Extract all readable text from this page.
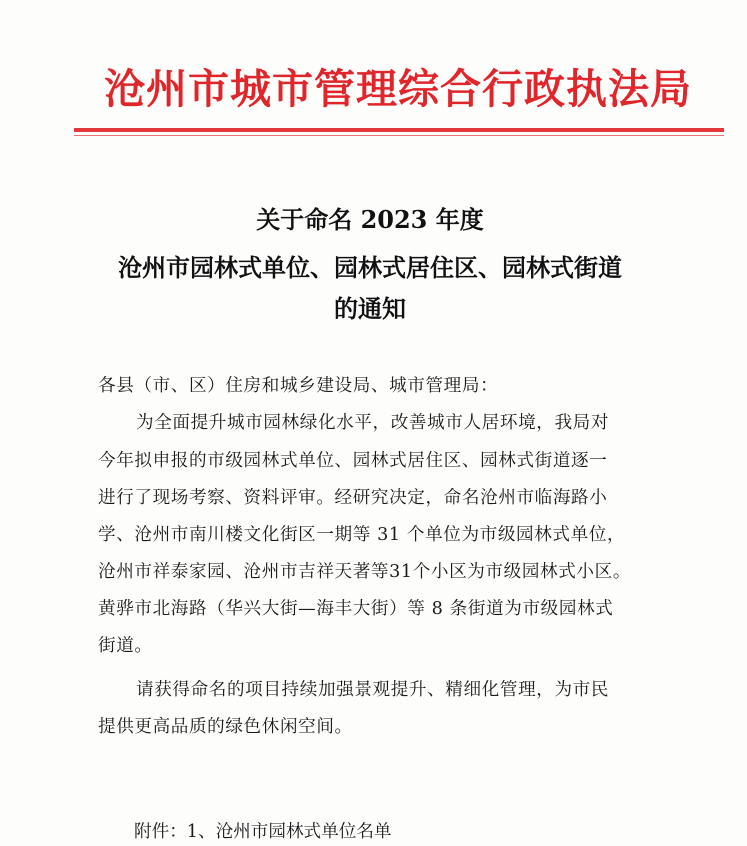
沧州市城市管理综合行政执法局
关于命名 2023 年度
沧州市园林式单位、园林式居住区、园林式街道
的通知
各县（市、区）住房和城乡建设局、城市管理局：
为全面提升城市园林绿化水平，改善城市人居环境，我局对
今年拟申报的市级园林式单位、园林式居住区、园林式街道逐一
进行了现场考察、资料评审。经研究决定，命名沧州市临海路小
学、沧州市南川楼文化街区一期等 31 个单位为市级园林式单位，
沧州市祥泰家园、沧州市吉祥天著等31个小区为市级园林式小区。
黄骅市北海路（华兴大街—海丰大街）等 8 条街道为市级园林式
街道。
请获得命名的项目持续加强景观提升、精细化管理，为市民
提供更高品质的绿色休闲空间。
附件：1、沧州市园林式单位名单
